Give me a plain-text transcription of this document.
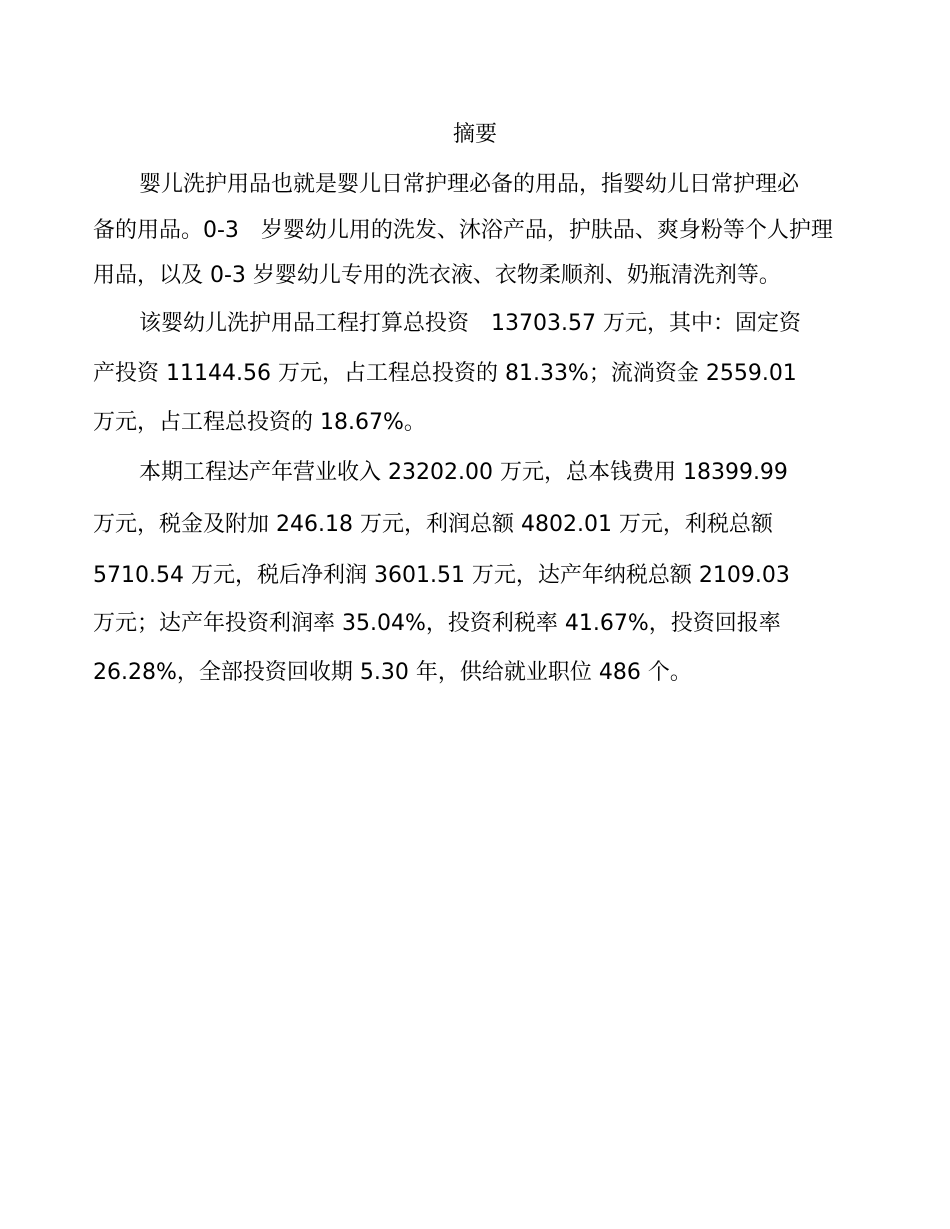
摘要
婴儿洗护用品也就是婴儿日常护理必备的用品，指婴幼儿日常护理必
备的用品。0-3　岁婴幼儿用的洗发、沐浴产品，护肤品、爽身粉等个人护理
用品，以及 0-3 岁婴幼儿专用的洗衣液、衣物柔顺剂、奶瓶清洗剂等。
该婴幼儿洗护用品工程打算总投资　13703.57 万元，其中：固定资
产投资 11144.56 万元，占工程总投资的 81.33%；流淌资金 2559.01
万元，占工程总投资的 18.67%。
本期工程达产年营业收入 23202.00 万元，总本钱费用 18399.99
万元，税金及附加 246.18 万元，利润总额 4802.01 万元，利税总额
5710.54 万元，税后净利润 3601.51 万元，达产年纳税总额 2109.03
万元；达产年投资利润率 35.04%，投资利税率 41.67%，投资回报率
26.28%，全部投资回收期 5.30 年，供给就业职位 486 个。
